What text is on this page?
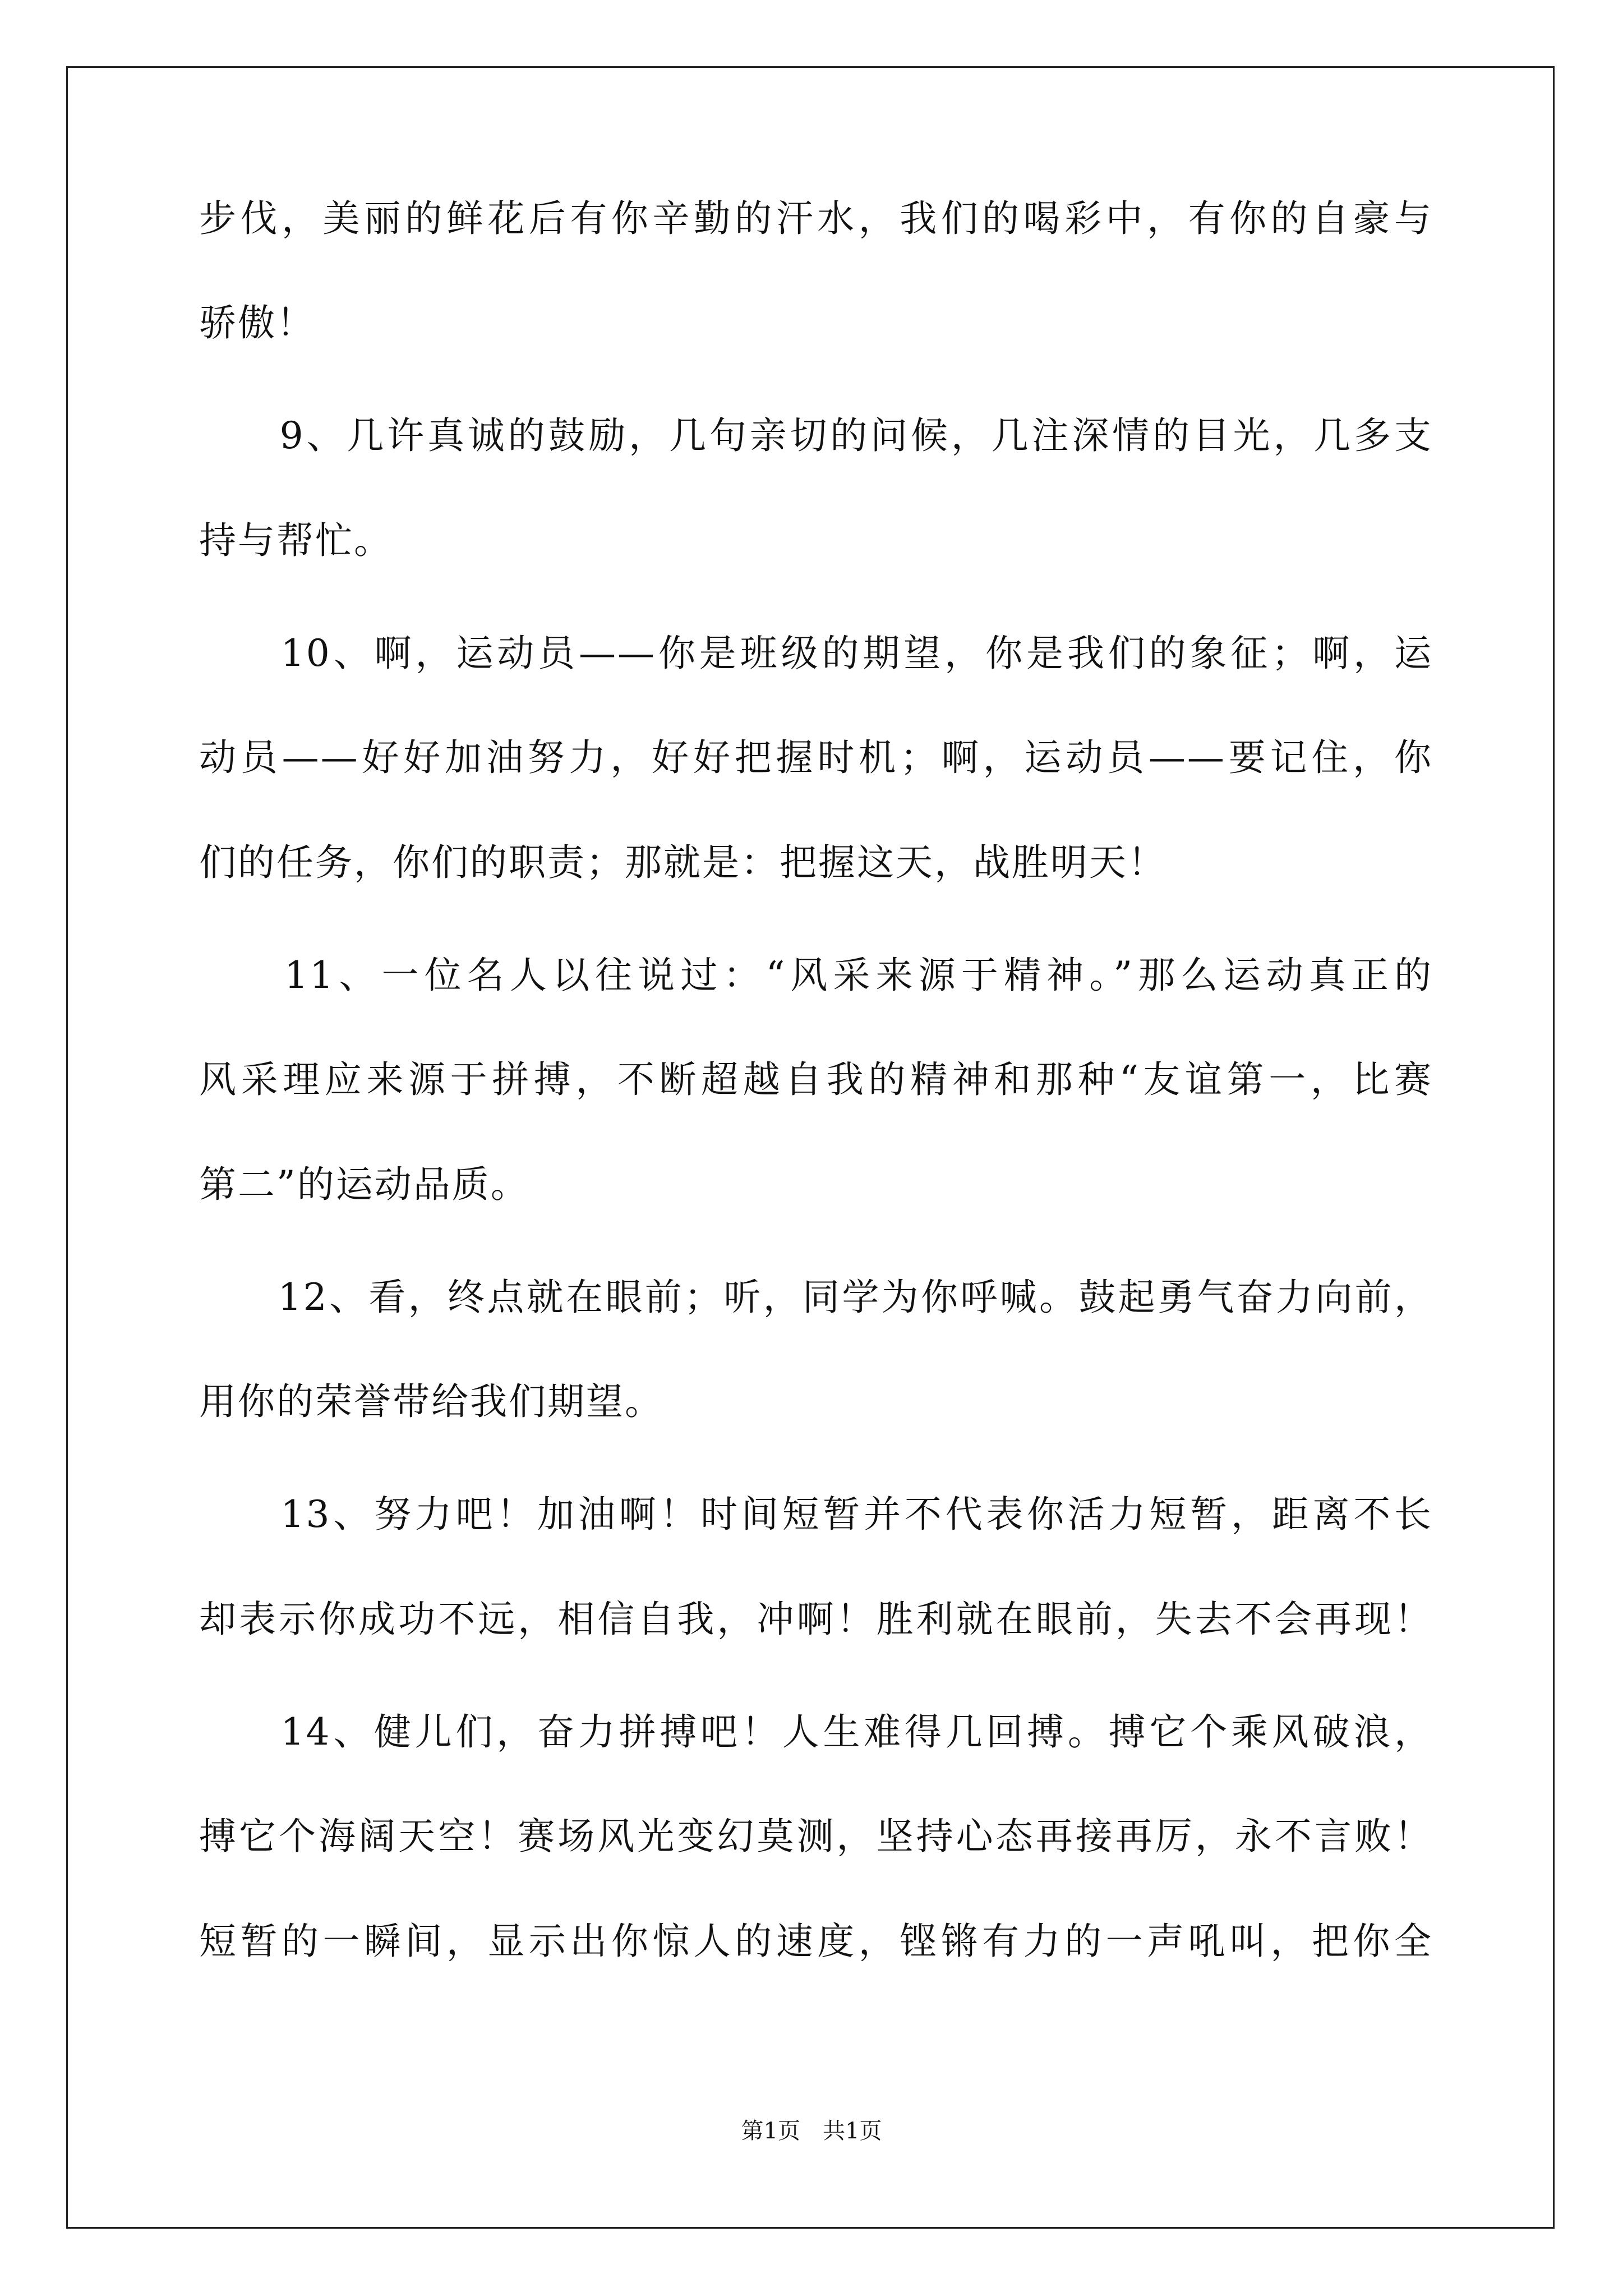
步伐，美丽的鲜花后有你辛勤的汗水，我们的喝彩中，有你的自豪与
骄傲！
　　9、几许真诚的鼓励，几句亲切的问候，几注深情的目光，几多支
持与帮忙。
　　10、啊，运动员——你是班级的期望，你是我们的象征；啊，运
动员——好好加油努力，好好把握时机；啊，运动员——要记住，你
们的任务，你们的职责；那就是：把握这天，战胜明天！
　　11、一位名人以往说过：“风采来源于精神。”那么运动真正的
风采理应来源于拼搏，不断超越自我的精神和那种“友谊第一，比赛
第二”的运动品质。
　　12、看，终点就在眼前；听，同学为你呼喊。鼓起勇气奋力向前，
用你的荣誉带给我们期望。
　　13、努力吧！加油啊！时间短暂并不代表你活力短暂，距离不长
却表示你成功不远，相信自我，冲啊！胜利就在眼前，失去不会再现！
　　14、健儿们，奋力拼搏吧！人生难得几回搏。搏它个乘风破浪，
搏它个海阔天空！赛场风光变幻莫测，坚持心态再接再厉，永不言败！
短暂的一瞬间，显示出你惊人的速度，铿锵有力的一声吼叫，把你全
第1页　共1页
